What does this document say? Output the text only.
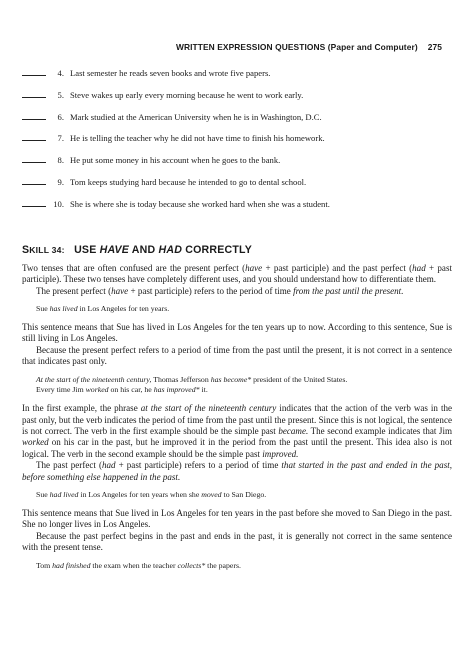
WRITTEN EXPRESSION QUESTIONS (Paper and Computer) 275
4. Last semester he reads seven books and wrote five papers.
5. Steve wakes up early every morning because he went to work early.
6. Mark studied at the American University when he is in Washington, D.C.
7. He is telling the teacher why he did not have time to finish his homework.
8. He put some money in his account when he goes to the bank.
9. Tom keeps studying hard because he intended to go to dental school.
10. She is where she is today because she worked hard when she was a student.
SKILL 34: USE HAVE AND HAD CORRECTLY

Two tenses that are often confused are the present perfect (have + past participle) and the past perfect (had + past participle). These two tenses have completely different uses, and you should understand how to differentiate them.

The present perfect (have + past participle) refers to the period of time from the past until the present.

Sue has lived in Los Angeles for ten years.

This sentence means that Sue has lived in Los Angeles for the ten years up to now. According to this sentence, Sue is still living in Los Angeles.

Because the present perfect refers to a period of time from the past until the present, it is not correct in a sentence that indicates past only.

At the start of the nineteenth century, Thomas Jefferson has become* president of the United States.

Every time Jim worked on his car, he has improved* it.

In the first example, the phrase at the start of the nineteenth century indicates that the action of the verb was in the past only, but the verb indicates the period of time from the past until the present. Since this is not logical, the sentence is not correct. The verb in the first example should be the simple past became. The second example indicates that Jim worked on his car in the past, but he improved it in the period from the past until the present. This idea also is not logical. The verb in the second example should be the simple past improved.

The past perfect (had + past participle) refers to a period of time that started in the past and ended in the past, before something else happened in the past.

Sue had lived in Los Angeles for ten years when she moved to San Diego.

This sentence means that Sue lived in Los Angeles for ten years in the past before she moved to San Diego in the past. She no longer lives in Los Angeles.

Because the past perfect begins in the past and ends in the past, it is generally not correct in the same sentence with the present tense.

Tom had finished the exam when the teacher collects* the papers.
